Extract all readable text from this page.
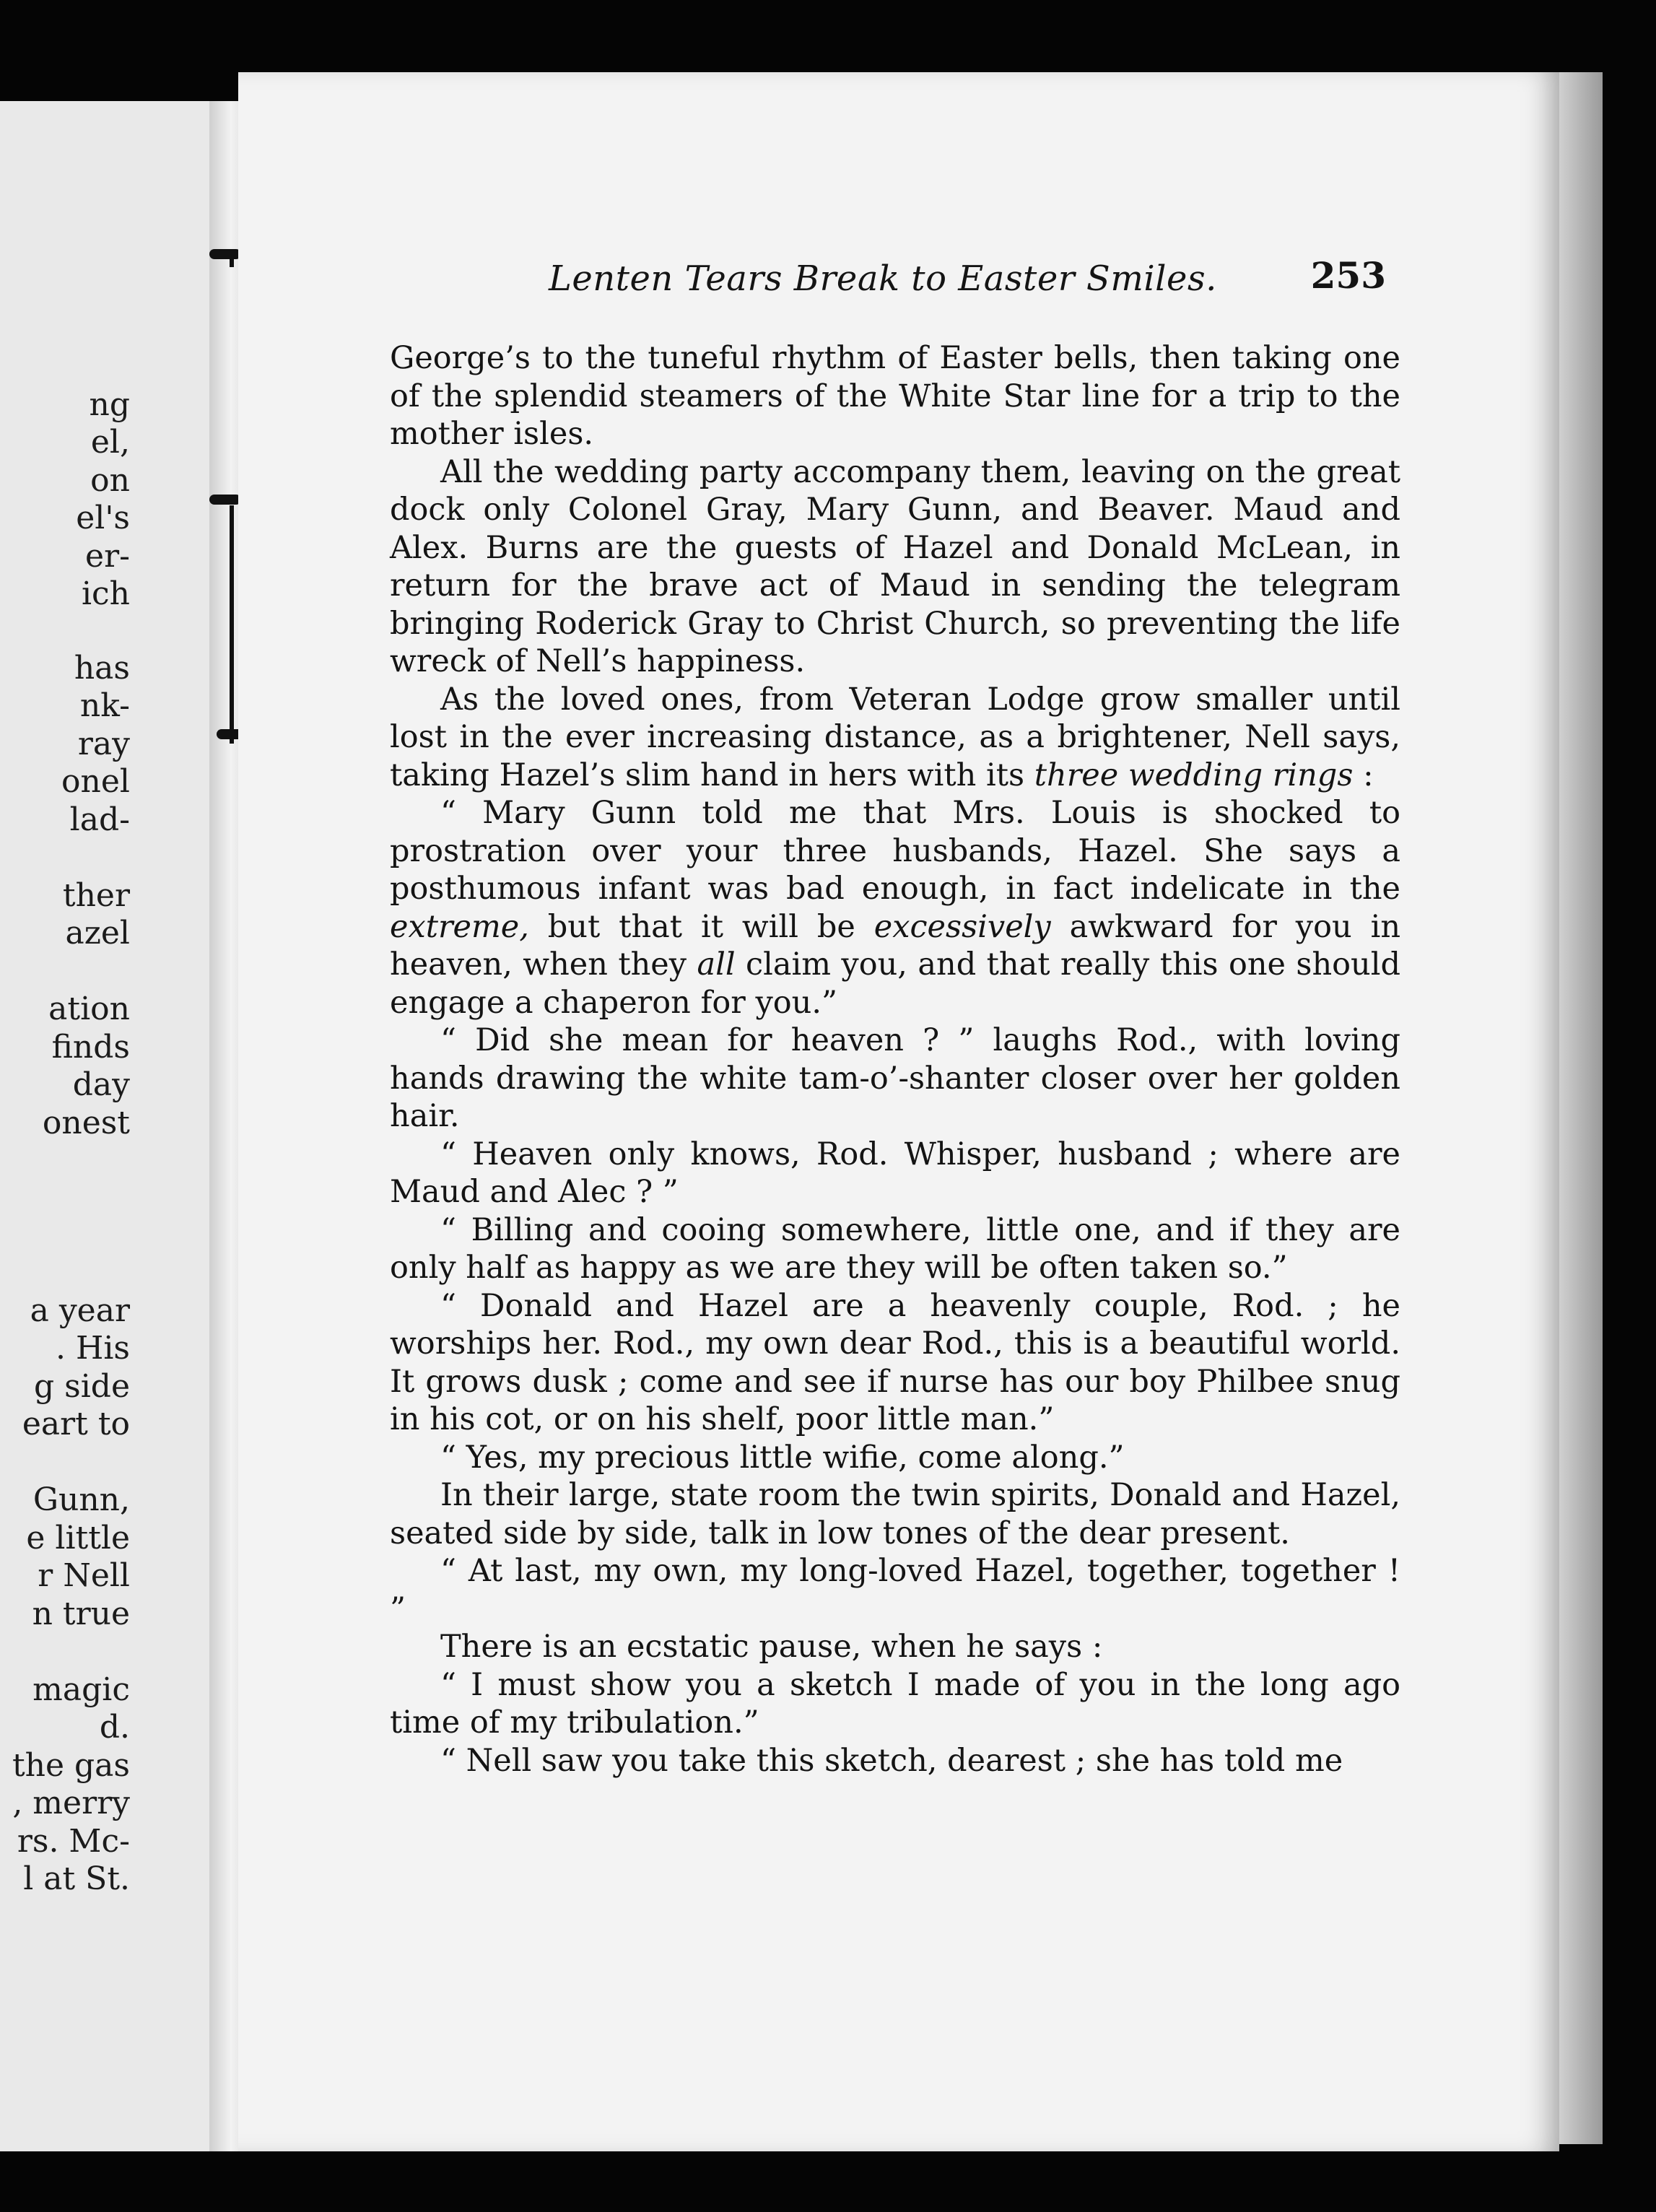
ng
el,
on
el's
er-
ich
has
nk-
ray
onel
lad-
ther
azel
ation
finds
day
onest
a year
. His
g side
eart to
Gunn,
e little
r Nell
n true
magic
d.
the gas
, merry
rs. Mc-
l at St.
Lenten Tears Break to Easter Smiles.	253

George’s to the tuneful rhythm of Easter bells, then taking one of the splendid steamers of the White Star line for a trip to the mother isles.

All the wedding party accompany them, leaving on the great dock only Colonel Gray, Mary Gunn, and Beaver. Maud and Alex. Burns are the guests of Hazel and Donald McLean, in return for the brave act of Maud in sending the telegram bringing Roderick Gray to Christ Church, so preventing the life wreck of Nell’s happiness.

As the loved ones, from Veteran Lodge grow smaller until lost in the ever increasing distance, as a brightener, Nell says, taking Hazel’s slim hand in hers with its three wedding rings :

“ Mary Gunn told me that Mrs. Louis is shocked to prostration over your three husbands, Hazel. She says a posthumous infant was bad enough, in fact indelicate in the extreme, but that it will be excessively awkward for you in heaven, when they all claim you, and that really this one should engage a chaperon for you.”

“ Did she mean for heaven ? ” laughs Rod., with loving hands drawing the white tam-o’-shanter closer over her golden hair.

“ Heaven only knows, Rod. Whisper, husband ; where are Maud and Alec ? ”

“ Billing and cooing somewhere, little one, and if they are only half as happy as we are they will be often taken so.”

“ Donald and Hazel are a heavenly couple, Rod. ; he worships her. Rod., my own dear Rod., this is a beautiful world. It grows dusk ; come and see if nurse has our boy Philbee snug in his cot, or on his shelf, poor little man.”

“ Yes, my precious little wifie, come along.”

In their large, state room the twin spirits, Donald and Hazel, seated side by side, talk in low tones of the dear present.

“ At last, my own, my long-loved Hazel, together, together ! ”

There is an ecstatic pause, when he says :

“ I must show you a sketch I made of you in the long ago time of my tribulation.”

“ Nell saw you take this sketch, dearest ; she has told me
